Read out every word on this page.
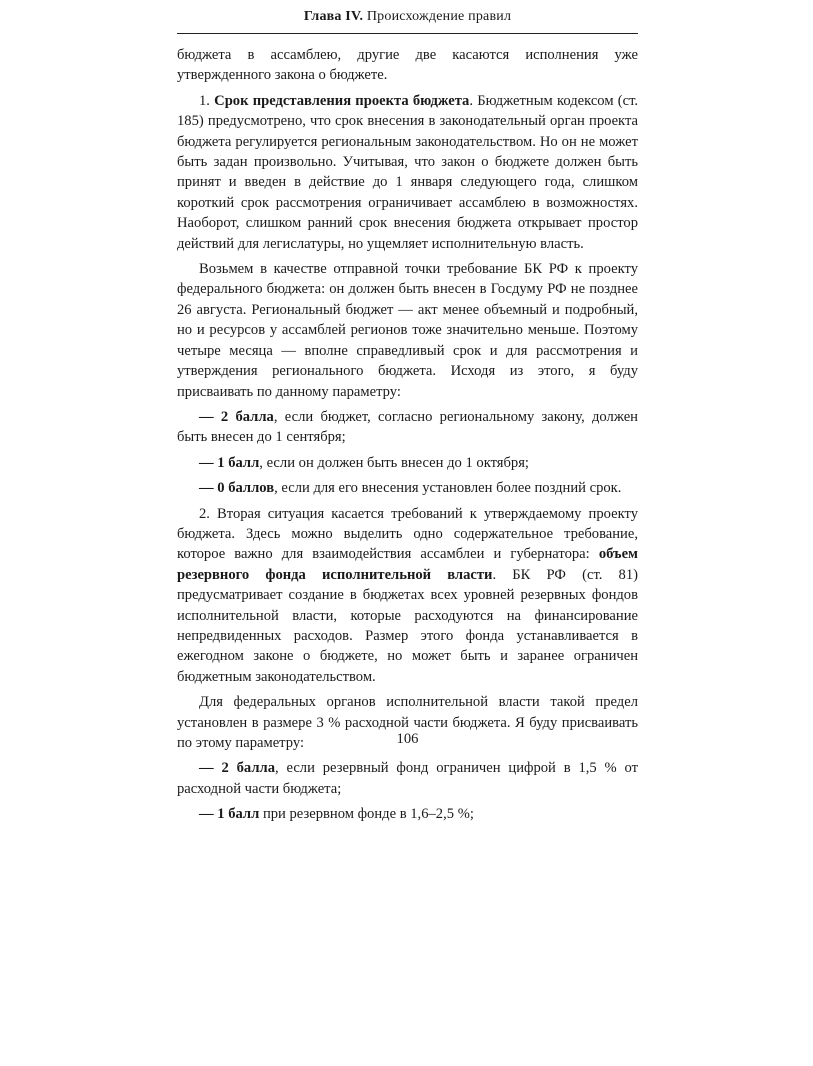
Глава IV. Происхождение правил

бюджета в ассамблею, другие две касаются исполнения уже утвержденного закона о бюджете.

1. Срок представления проекта бюджета. Бюджетным кодексом (ст. 185) предусмотрено, что срок внесения в законодательный орган проекта бюджета регулируется региональным законодательством. Но он не может быть задан произвольно. Учитывая, что закон о бюджете должен быть принят и введен в действие до 1 января следующего года, слишком короткий срок рассмотрения ограничивает ассамблею в возможностях. Наоборот, слишком ранний срок внесения бюджета открывает простор действий для легислатуры, но ущемляет исполнительную власть.

Возьмем в качестве отправной точки требование БК РФ к проекту федерального бюджета: он должен быть внесен в Госдуму РФ не позднее 26 августа. Региональный бюджет — акт менее объемный и подробный, но и ресурсов у ассамблей регионов тоже значительно меньше. Поэтому четыре месяца — вполне справедливый срок и для рассмотрения и утверждения регионального бюджета. Исходя из этого, я буду присваивать по данному параметру:

— 2 балла, если бюджет, согласно региональному закону, должен быть внесен до 1 сентября;

— 1 балл, если он должен быть внесен до 1 октября;

— 0 баллов, если для его внесения установлен более поздний срок.

2. Вторая ситуация касается требований к утверждаемому проекту бюджета. Здесь можно выделить одно содержательное требование, которое важно для взаимодействия ассамблеи и губернатора: объем резервного фонда исполнительной власти. БК РФ (ст. 81) предусматривает создание в бюджетах всех уровней резервных фондов исполнительной власти, которые расходуются на финансирование непредвиденных расходов. Размер этого фонда устанавливается в ежегодном законе о бюджете, но может быть и заранее ограничен бюджетным законодательством.

Для федеральных органов исполнительной власти такой предел установлен в размере 3 % расходной части бюджета. Я буду присваивать по этому параметру:

— 2 балла, если резервный фонд ограничен цифрой в 1,5 % от расходной части бюджета;

— 1 балл при резервном фонде в 1,6–2,5 %;

106
